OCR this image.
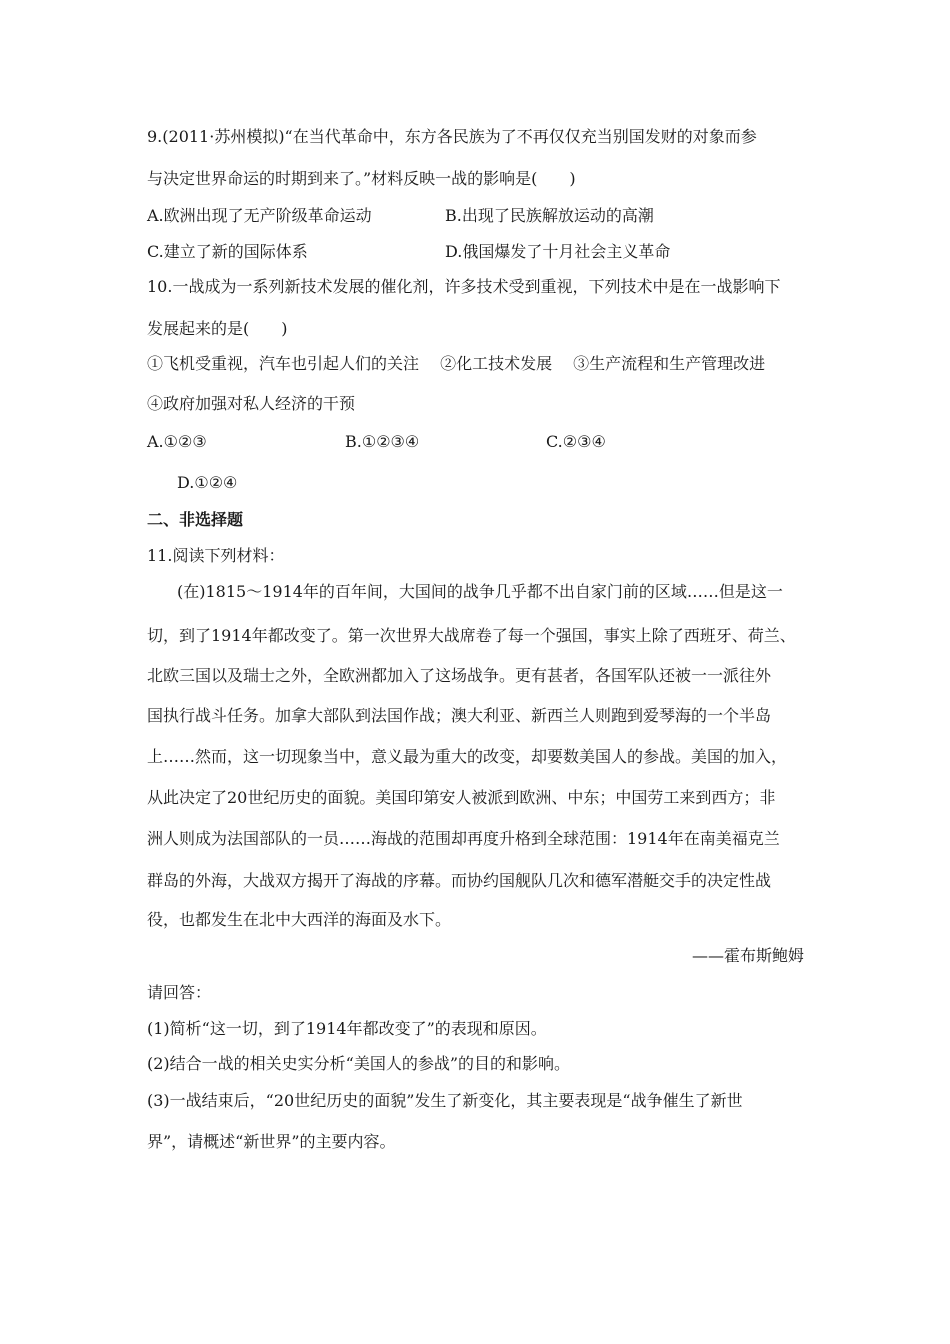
9.(2011·苏州模拟)“在当代革命中，东方各民族为了不再仅仅充当别国发财的对象而参
与决定世界命运的时期到来了。”材料反映一战的影响是(　　)
A.欧洲出现了无产阶级革命运动	B.出现了民族解放运动的高潮
C.建立了新的国际体系	D.俄国爆发了十月社会主义革命
10.一战成为一系列新技术发展的催化剂，许多技术受到重视，下列技术中是在一战影响下
发展起来的是(　　)
①飞机受重视，汽车也引起人们的关注　 ②化工技术发展　 ③生产流程和生产管理改进
④政府加强对私人经济的干预
A.①②③	B.①②③④	C.②③④
D.①②④
二、非选择题
11.阅读下列材料：
(在)1815～1914年的百年间，大国间的战争几乎都不出自家门前的区域……但是这一
切，到了1914年都改变了。第一次世界大战席卷了每一个强国，事实上除了西班牙、荷兰、
北欧三国以及瑞士之外，全欧洲都加入了这场战争。更有甚者，各国军队还被一一派往外
国执行战斗任务。加拿大部队到法国作战；澳大利亚、新西兰人则跑到爱琴海的一个半岛
上……然而，这一切现象当中，意义最为重大的改变，却要数美国人的参战。美国的加入，
从此决定了20世纪历史的面貌。美国印第安人被派到欧洲、中东；中国劳工来到西方；非
洲人则成为法国部队的一员……海战的范围却再度升格到全球范围：1914年在南美福克兰
群岛的外海，大战双方揭开了海战的序幕。而协约国舰队几次和德军潜艇交手的决定性战
役，也都发生在北中大西洋的海面及水下。
——霍布斯鲍姆
请回答：
(1)简析“这一切，到了1914年都改变了”的表现和原因。
(2)结合一战的相关史实分析“美国人的参战”的目的和影响。
(3)一战结束后，“20世纪历史的面貌”发生了新变化，其主要表现是“战争催生了新世
界”，请概述“新世界”的主要内容。
